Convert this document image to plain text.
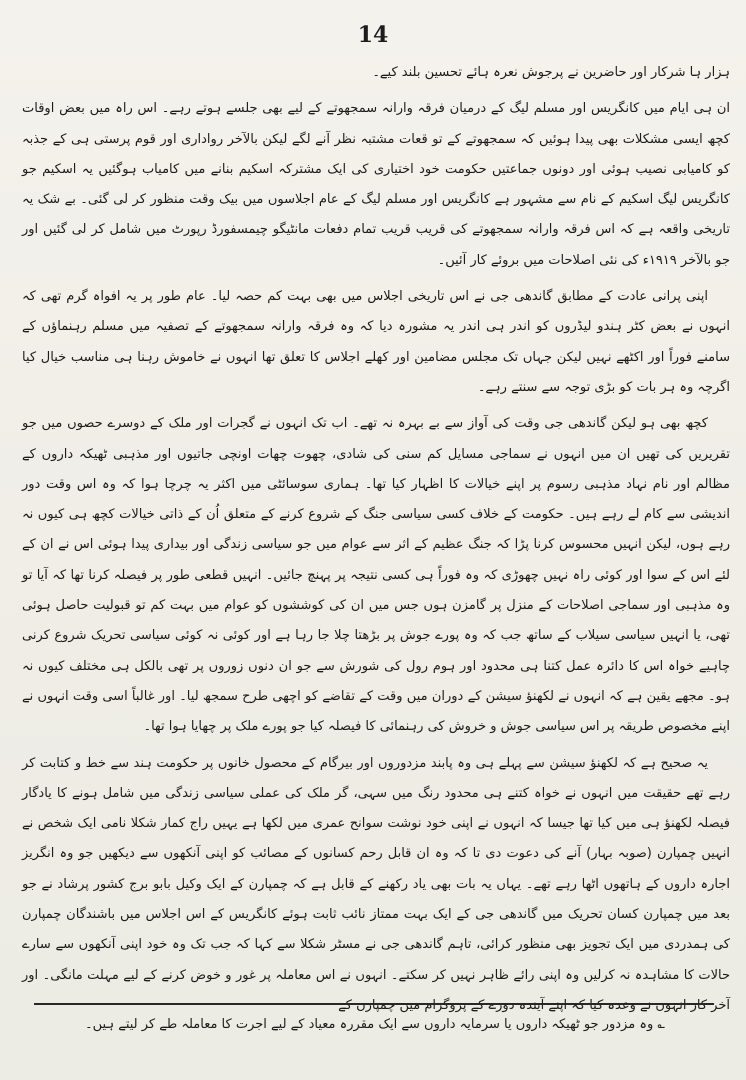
14

ہزار ہا شرکار اور حاضرین نے پرجوش نعرہ ہائے تحسین بلند کیے۔

ان ہی ایام میں کانگریس اور مسلم لیگ کے درمیان فرقہ وارانہ سمجھوتے کے لیے بھی جلسے ہوتے رہے۔ اس راہ میں بعض اوقات کچھ ایسی مشکلات بھی پیدا ہوئیں کہ سمجھوتے کے تو قعات مشتبہ نظر آنے لگے لیکن بالآخر رواداری اور قوم پرستی ہی کے جذبہ کو کامیابی نصیب ہوئی اور دونوں جماعتیں حکومت خود اختیاری کی ایک مشترکہ اسکیم بنانے میں کامیاب ہوگئیں یہ اسکیم جو کانگریس لیگ اسکیم کے نام سے مشہور ہے کانگریس اور مسلم لیگ کے عام اجلاسوں میں بیک وقت منظور کر لی گئی۔ بے شک یہ تاریخی واقعہ ہے کہ اس فرقہ وارانہ سمجھوتے کی قریب قریب تمام دفعات مانٹیگو چیمسفورڈ رپورٹ میں شامل کر لی گئیں اور جو بالآخر ۱۹۱۹ء کی نئی اصلاحات میں بروئے کار آئیں۔

اپنی پرانی عادت کے مطابق گاندھی جی نے اس تاریخی اجلاس میں بھی بہت کم حصہ لیا۔ عام طور پر یہ افواہ گرم تھی کہ انہوں نے بعض کٹر ہندو لیڈروں کو اندر ہی اندر یہ مشورہ دیا کہ وہ فرقہ وارانہ سمجھوتے کے تصفیہ میں مسلم رہنماؤں کے سامنے فوراً اور اکٹھے نہیں لیکن جہاں تک مجلس مضامین اور کھلے اجلاس کا تعلق تھا انہوں نے خاموش رہنا ہی مناسب خیال کیا اگرچہ وہ ہر بات کو بڑی توجہ سے سنتے رہے۔

کچھ بھی ہو لیکن گاندھی جی وقت کی آواز سے بے بہرہ نہ تھے۔ اب تک انہوں نے گجرات اور ملک کے دوسرے حصوں میں جو تقریریں کی تھیں ان میں انہوں نے سماجی مسایل کم سنی کی شادی، چھوت چھات اونچی جاتیوں اور مذہبی ٹھیکہ داروں کے مظالم اور نام نہاد مذہبی رسوم پر اپنے خیالات کا اظہار کیا تھا۔ ہماری سوسائٹی میں اکثر یہ چرچا ہوا کہ وہ اس وقت دور اندیشی سے کام لے رہے ہیں۔ حکومت کے خلاف کسی سیاسی جنگ کے شروع کرنے کے متعلق اُن کے ذاتی خیالات کچھ ہی کیوں نہ رہے ہوں، لیکن انہیں محسوس کرنا پڑا کہ جنگ عظیم کے اثر سے عوام میں جو سیاسی زندگی اور بیداری پیدا ہوئی اس نے ان کے لئے اس کے سوا اور کوئی راہ نہیں چھوڑی کہ وہ فوراً ہی کسی نتیجہ پر پہنچ جائیں۔ انہیں قطعی طور پر فیصلہ کرنا تھا کہ آیا تو وہ مذہبی اور سماجی اصلاحات کے منزل پر گامزن ہوں جس میں ان کی کوششوں کو عوام میں بہت کم تو قبولیت حاصل ہوئی تھی، یا انہیں سیاسی سیلاب کے ساتھ جب کہ وہ پورے جوش پر بڑھتا چلا جا رہا ہے اور کوئی نہ کوئی سیاسی تحریک شروع کرنی چاہیے خواہ اس کا دائرہ عمل کتنا ہی محدود اور ہوم رول کی شورش سے جو ان دنوں زوروں پر تھی بالکل ہی مختلف کیوں نہ ہو۔ مجھے یقین ہے کہ انہوں نے لکھنؤ سیشن کے دوران میں وقت کے تقاضے کو اچھی طرح سمجھ لیا۔ اور غالباً اسی وقت انہوں نے اپنے مخصوص طریقہ پر اس سیاسی جوش و خروش کی رہنمائی کا فیصلہ کیا جو پورے ملک پر چھایا ہوا تھا۔

یہ صحیح ہے کہ لکھنؤ سیشن سے پہلے ہی وہ پابند مزدوروں اور بیرگام کے محصول خانوں پر حکومت ہند سے خط و کتابت کر رہے تھے حقیقت میں انہوں نے خواہ کتنے ہی محدود رنگ میں سہی، گر ملک کی عملی سیاسی زندگی میں شامل ہونے کا یادگار فیصلہ لکھنؤ ہی میں کیا تھا جیسا کہ انہوں نے اپنی خود نوشت سوانح عمری میں لکھا ہے یہیں راج کمار شکلا نامی ایک شخص نے انہیں چمپارن (صوبہ بہار) آنے کی دعوت دی تا کہ وہ ان قابل رحم کسانوں کے مصائب کو اپنی آنکھوں سے دیکھیں جو وہ انگریز اجارہ داروں کے ہاتھوں اٹھا رہے تھے۔ یہاں یہ بات بھی یاد رکھنے کے قابل ہے کہ چمپارن کے ایک وکیل بابو برج کشور پرشاد نے جو بعد میں چمپارن کسان تحریک میں گاندھی جی کے ایک بہت ممتاز نائب ثابت ہوئے کانگریس کے اس اجلاس میں باشندگان چمپارن کی ہمدردی میں ایک تجویز بھی منظور کرائی، تاہم گاندھی جی نے مسٹر شکلا سے کہا کہ جب تک وہ خود اپنی آنکھوں سے سارے حالات کا مشاہدہ نہ کرلیں وہ اپنی رائے ظاہر نہیں کر سکتے۔ انہوں نے اس معاملہ پر غور و خوض کرنے کے لیے مہلت مانگی۔ اور آخر کار انہوں نے وعدہ کیا کہ اپنے آیندہ دورے کے پروگرام میں چمپارن کے

؎ وہ مزدور جو ٹھیکہ داروں یا سرمایہ داروں سے ایک مقررہ معیاد کے لیے اجرت کا معاملہ طے کر لیتے ہیں۔
